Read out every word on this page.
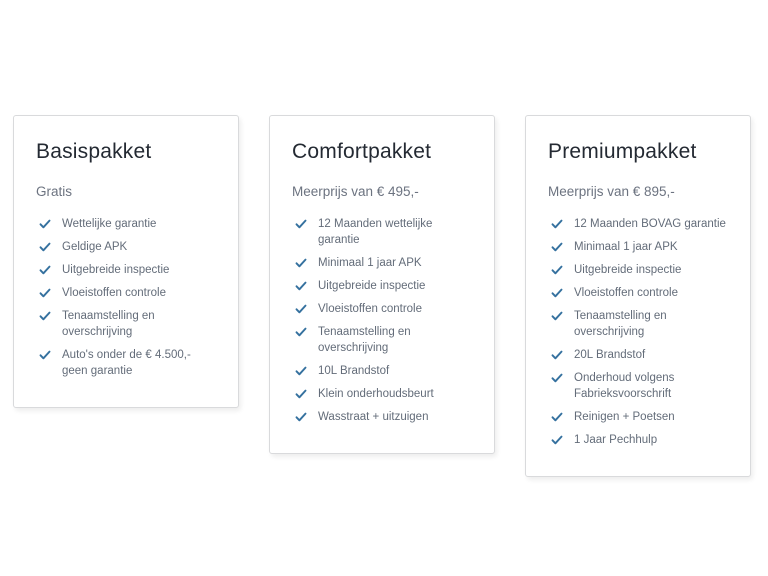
Basispakket
Gratis
Wettelijke garantie
Geldige APK
Uitgebreide inspectie
Vloeistoffen controle
Tenaamstelling en overschrijving
Auto's onder de € 4.500,- geen garantie
Comfortpakket
Meerprijs van € 495,-
12 Maanden wettelijke garantie
Minimaal 1 jaar APK
Uitgebreide inspectie
Vloeistoffen controle
Tenaamstelling en overschrijving
10L Brandstof
Klein onderhoudsbeurt
Wasstraat + uitzuigen
Premiumpakket
Meerprijs van € 895,-
12 Maanden BOVAG garantie
Minimaal 1 jaar APK
Uitgebreide inspectie
Vloeistoffen controle
Tenaamstelling en overschrijving
20L Brandstof
Onderhoud volgens Fabrieksvoorschrift
Reinigen + Poetsen
1 Jaar Pechhulp
